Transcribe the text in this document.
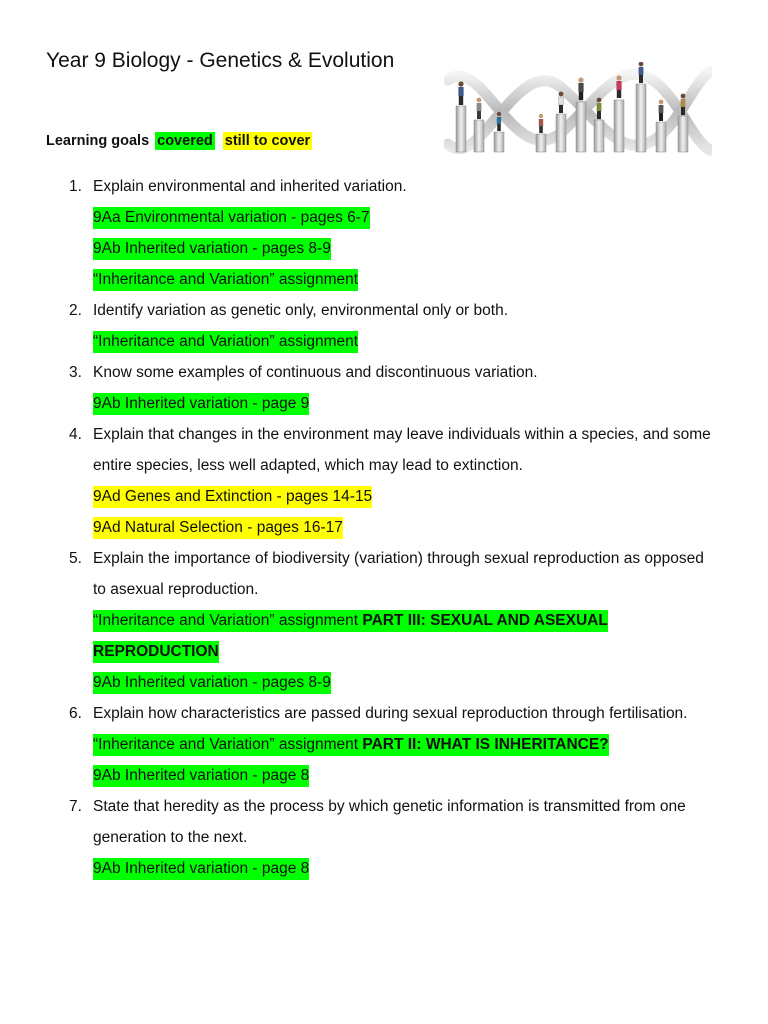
Year 9 Biology - Genetics & Evolution
Learning goals covered still to cover
1. Explain environmental and inherited variation.
9Aa Environmental variation - pages 6-7
9Ab Inherited variation - pages 8-9
“Inheritance and Variation” assignment
2. Identify variation as genetic only, environmental only or both.
“Inheritance and Variation” assignment
3. Know some examples of continuous and discontinuous variation.
9Ab Inherited variation - page 9
4. Explain that changes in the environment may leave individuals within a species, and some entire species, less well adapted, which may lead to extinction.
9Ad Genes and Extinction - pages 14-15
9Ad Natural Selection - pages 16-17
5. Explain the importance of biodiversity (variation) through sexual reproduction as opposed to asexual reproduction.
“Inheritance and Variation” assignment PART III: SEXUAL AND ASEXUAL REPRODUCTION
9Ab Inherited variation - pages 8-9
6. Explain how characteristics are passed during sexual reproduction through fertilisation.
“Inheritance and Variation” assignment PART II: WHAT IS INHERITANCE?
9Ab Inherited variation - page 8
7. State that heredity as the process by which genetic information is transmitted from one generation to the next.
9Ab Inherited variation - page 8
